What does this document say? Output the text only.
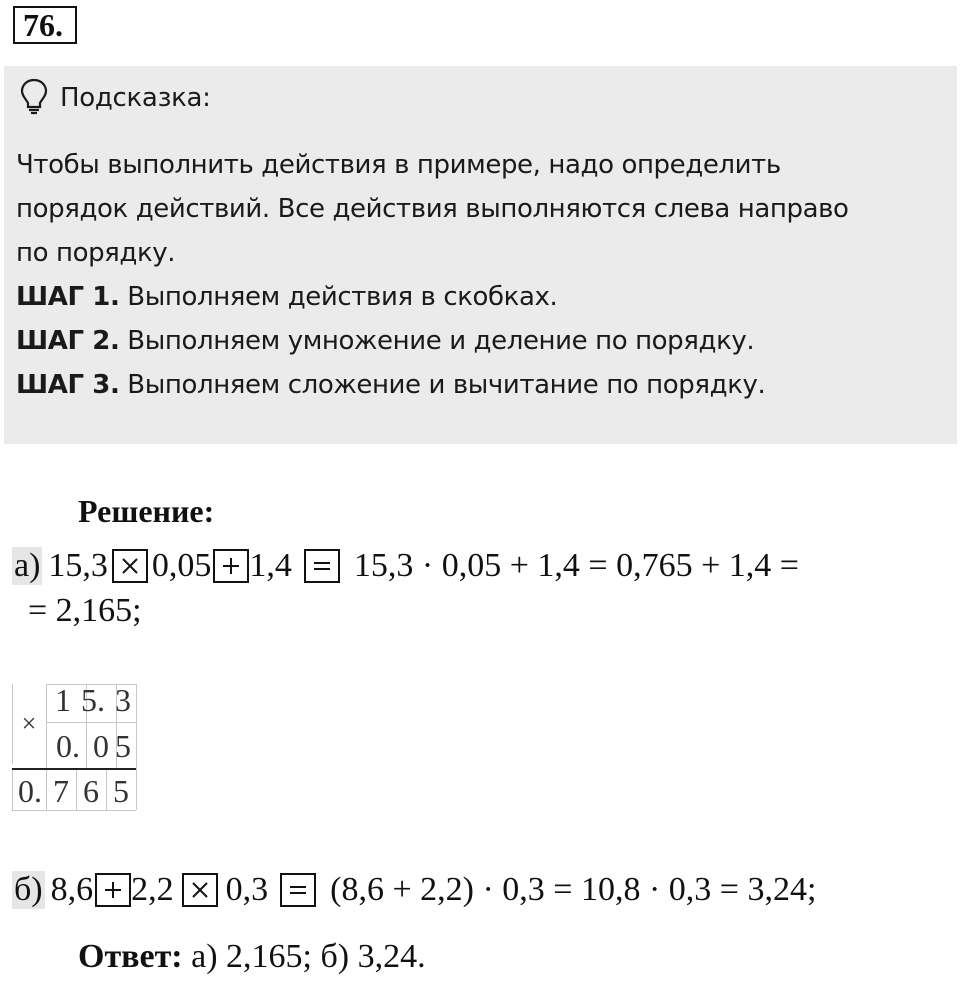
76.
Подсказка:
Чтобы выполнить действия в примере, надо определить
порядок действий. Все действия выполняются слева направо
по порядку.
ШАГ 1. Выполняем действия в скобках.
ШАГ 2. Выполняем умножение и деление по порядку.
ШАГ 3. Выполняем сложение и вычитание по порядку.
Решение:
а) 15,3 0,05 1,4 15,3 · 0,05 + 1,4 = 0,765 + 1,4 =
= 2,165;
×
1 5. 3
0. 0 5
0. 7 6 5
б) 8,6 2,2 0,3 (8,6 + 2,2) · 0,3 = 10,8 · 0,3 = 3,24;
Ответ: а) 2,165; б) 3,24.
